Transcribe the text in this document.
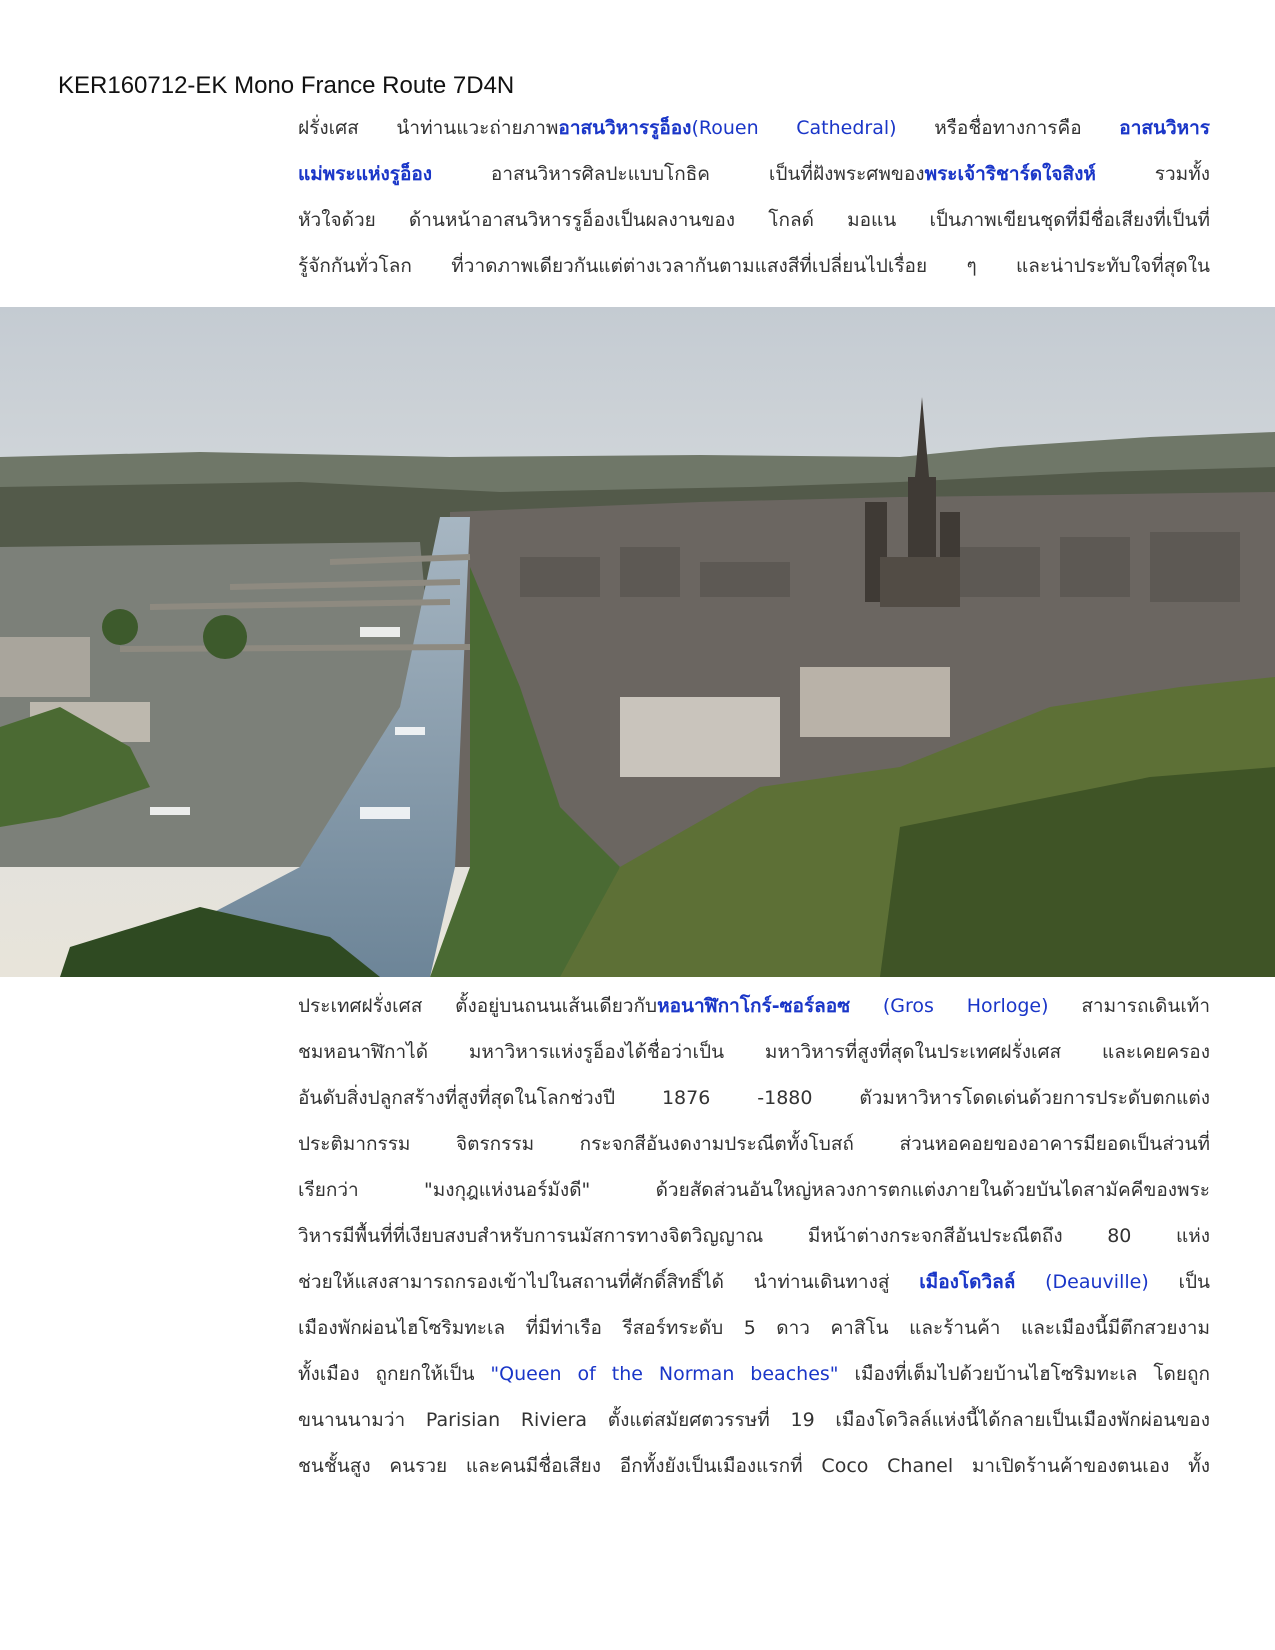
KER160712-EK Mono France Route 7D4N

ฝรั่งเศส นำท่านแวะถ่ายภาพอาสนวิหารรูอ็อง(Rouen Cathedral) หรือชื่อทางการคือ อาสนวิหาร

แม่พระแห่งรูอ็อง อาสนวิหารศิลปะแบบโกธิค เป็นที่ฝังพระศพของพระเจ้าริชาร์ดใจสิงห์ รวมทั้ง

หัวใจด้วย ด้านหน้าอาสนวิหารรูอ็องเป็นผลงานของ โกลด์ มอแน เป็นภาพเขียนชุดที่มีชื่อเสียงที่เป็นที่

รู้จักกันทั่วโลก ที่วาดภาพเดียวกันแต่ต่างเวลากันตามแสงสีที่เปลี่ยนไปเรื่อย ๆ และน่าประทับใจที่สุดใน

ประเทศฝรั่งเศส ตั้งอยู่บนถนนเส้นเดียวกับหอนาฬิกาโกร์-ซอร์ลอซ (Gros Horloge) สามารถเดินเท้า

ชมหอนาฬิกาได้ มหาวิหารแห่งรูอ็องได้ชื่อว่าเป็น มหาวิหารที่สูงที่สุดในประเทศฝรั่งเศส และเคยครอง

อันดับสิ่งปลูกสร้างที่สูงที่สุดในโลกช่วงปี 1876 -1880 ตัวมหาวิหารโดดเด่นด้วยการประดับตกแต่ง

ประติมากรรม จิตรกรรม กระจกสีอันงดงามประณีตทั้งโบสถ์ ส่วนหอคอยของอาคารมียอดเป็นส่วนที่

เรียกว่า "มงกุฎแห่งนอร์มังดี" ด้วยสัดส่วนอันใหญ่หลวงการตกแต่งภายในด้วยบันไดสามัคคีของพระ

วิหารมีพื้นที่ที่เงียบสงบสำหรับการนมัสการทางจิตวิญญาณ มีหน้าต่างกระจกสีอันประณีตถึง 80 แห่ง

ช่วยให้แสงสามารถกรองเข้าไปในสถานที่ศักดิ์สิทธิ์ได้ นำท่านเดินทางสู่ เมืองโดวิลล์ (Deauville) เป็น

เมืองพักผ่อนไฮโซริมทะเล ที่มีท่าเรือ รีสอร์ทระดับ 5 ดาว คาสิโน และร้านค้า และเมืองนี้มีตึกสวยงาม

ทั้งเมือง ถูกยกให้เป็น "Queen of the Norman beaches" เมืองที่เต็มไปด้วยบ้านไฮโซริมทะเล โดยถูก

ขนานนามว่า Parisian Riviera ตั้งแต่สมัยศตวรรษที่ 19 เมืองโดวิลล์แห่งนี้ได้กลายเป็นเมืองพักผ่อนของ

ชนชั้นสูง คนรวย และคนมีชื่อเสียง อีกทั้งยังเป็นเมืองแรกที่ Coco Chanel มาเปิดร้านค้าของตนเอง ทั้ง
